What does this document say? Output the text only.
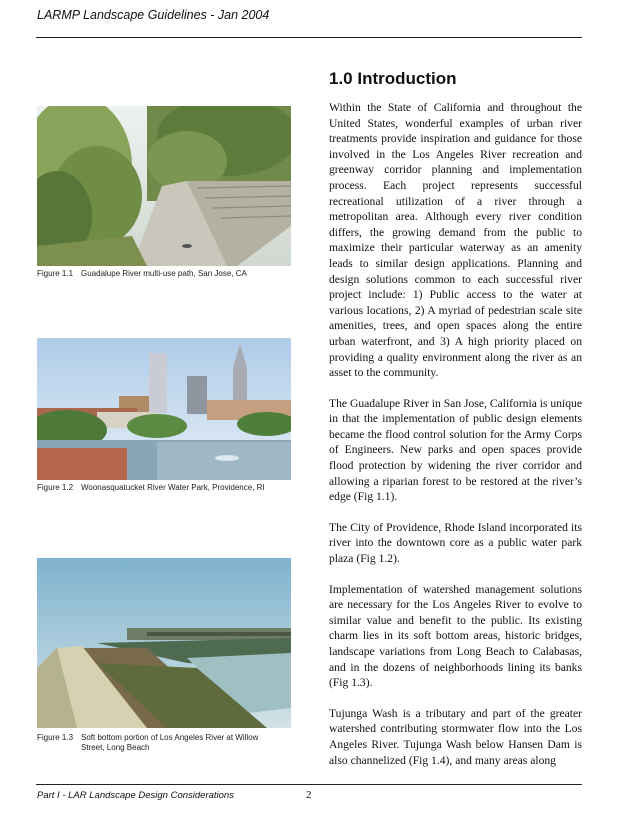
LARMP Landscape Guidelines - Jan 2004
Figure 1.1 Guadalupe River multi-use path, San Jose, CA
Figure 1.2 Woonasquatucket River Water Park, Providence, RI
Figure 1.3 Soft bottom portion of Los Angeles River at Willow
Street, Long Beach
1.0 Introduction

Within the State of California and throughout the United States, wonderful examples of urban river treatments provide inspiration and guidance for those involved in the Los Angeles River recreation and greenway corridor planning and implementation process. Each project represents successful recreational utilization of a river through a metropolitan area. Although every river condition differs, the growing demand from the public to maximize their particular waterway as an amenity leads to similar design applications. Planning and design solutions common to each successful river project include: 1) Public access to the water at various locations, 2) A myriad of pedestrian scale site amenities, trees, and open spaces along the entire urban waterfront, and 3) A high priority placed on providing a quality environment along the river as an asset to the community.

The Guadalupe River in San Jose, California is unique in that the implementation of public design elements became the flood control solution for the Army Corps of Engineers. New parks and open spaces provide flood protection by widening the river corridor and allowing a riparian forest to be restored at the river’s edge (Fig 1.1).

The City of Providence, Rhode Island incorporated its river into the downtown core as a public water park plaza (Fig 1.2).

Implementation of watershed management solutions are necessary for the Los Angeles River to evolve to similar value and benefit to the public. Its existing charm lies in its soft bottom areas, historic bridges, landscape variations from Long Beach to Calabasas, and in the dozens of neighborhoods lining its banks (Fig 1.3).

Tujunga Wash is a tributary and part of the greater watershed contributing stormwater flow into the Los Angeles River. Tujunga Wash below Hansen Dam is also channelized (Fig 1.4), and many areas along

Part I - LAR Landscape Design Considerations	2
